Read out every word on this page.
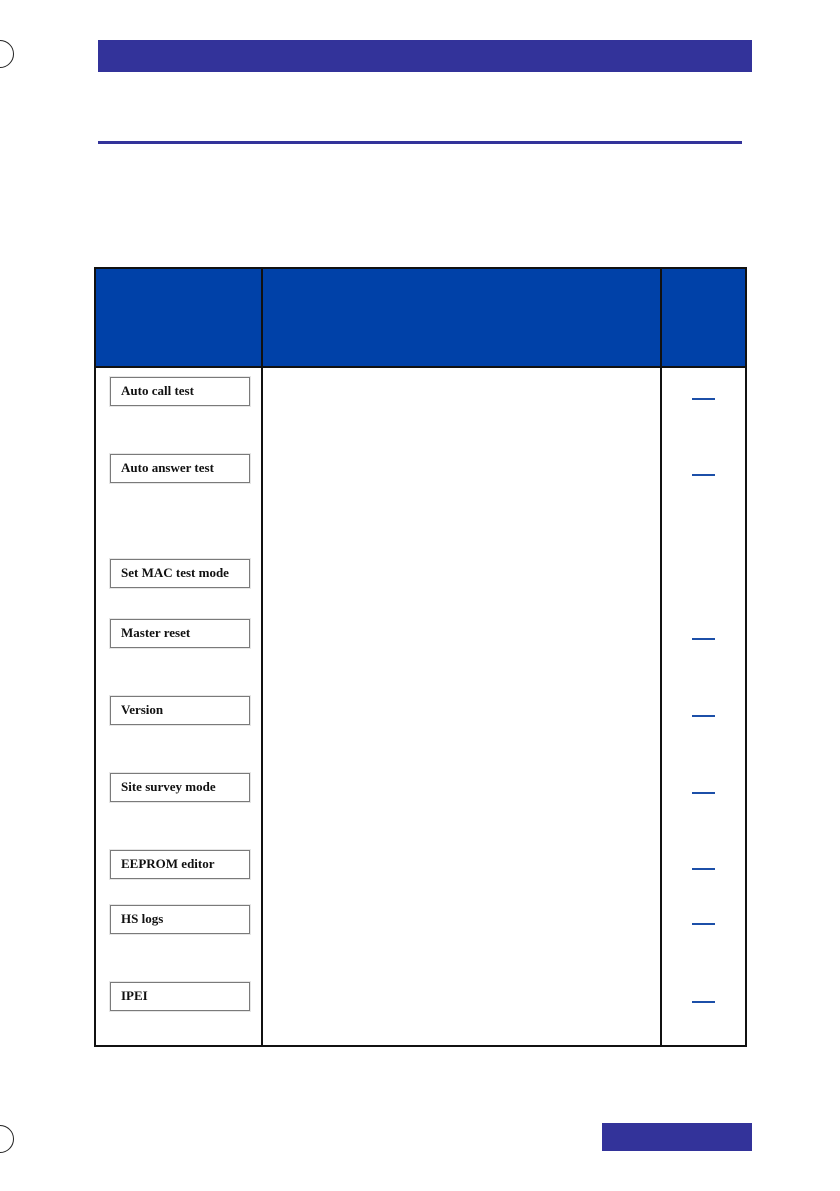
Auto call test
Auto answer test
Set MAC test mode
Master reset
Version
Site survey mode
EEPROM editor
HS logs
IPEI
